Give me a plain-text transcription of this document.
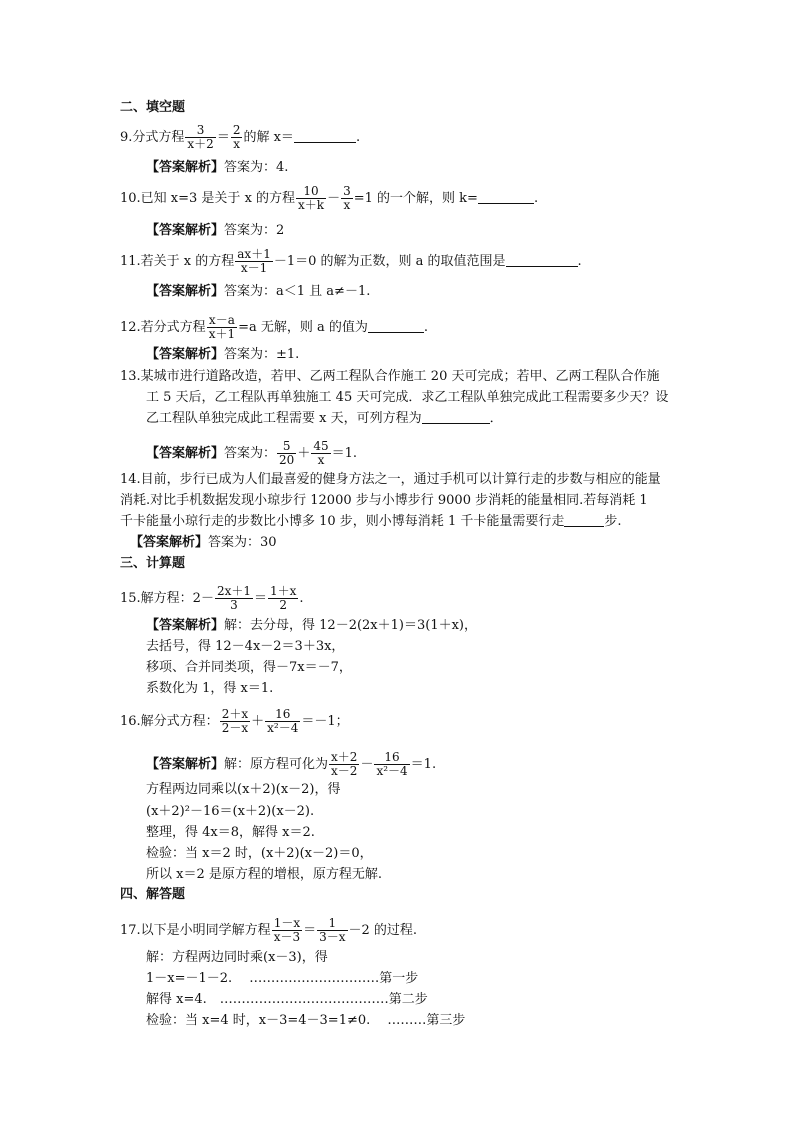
二、填空题
9.分式方程 $\frac{3}{x+2} = \frac{2}{x}$ 的解 x＝	.
【答案解析】答案为：4.
10.已知 x=3 是关于 x 的方程 $\frac{10}{x+k} - \frac{3}{x} =1$ 的一个解，则 k=	.
【答案解析】答案为：2
11.若关于 x 的方程 $\frac{ax+1}{x-1} -1=0$ 的解为正数，则 a 的取值范围是	.
【答案解析】答案为：a＜1 且 a≠－1.
12.若分式方程 $\frac{x-a}{x+1} =a$ 无解，则 a 的值为	.
【答案解析】答案为：±1.
13.某城市进行道路改造，若甲、乙两工程队合作施工 20 天可完成；若甲、乙两工程队合作施
工 5 天后，乙工程队再单独施工 45 天可完成．求乙工程队单独完成此工程需要多少天？设
乙工程队单独完成此工程需要 x 天，可列方程为	．
【答案解析】答案为： $\frac{5}{20} + \frac{45}{x} =1$.
14.目前，步行已成为人们最喜爱的健身方法之一，通过手机可以计算行走的步数与相应的能量
消耗.对比手机数据发现小琼步行 12000 步与小博步行 9000 步消耗的能量相同.若每消耗 1
千卡能量小琼行走的步数比小博多 10 步，则小博每消耗 1 千卡能量需要行走	步.
【答案解析】答案为：30
三、计算题
15.解方程：$2- \frac{2x+1}{3} = \frac{1+x}{2}$ .
【答案解析】解：去分母，得 12－2(2x＋1)＝3(1＋x)，
去括号，得 12－4x－2＝3＋3x，
移项、合并同类项，得－7x＝－7，
系数化为 1，得 x＝1.
16.解分式方程： $\frac{2+x}{2-x} + \frac{16}{\text{x²－4}} =-1$；
【答案解析】解：原方程可化为 $\frac{x+2}{x-2} - \frac{16}{\text{x²－4}} =1$.
方程两边同乘以(x＋2)(x－2)，得
(x＋2)²－16＝(x＋2)(x－2).
整理，得 4x＝8，解得 x＝2.
检验：当 x＝2 时，(x＋2)(x－2)＝0，
所以 x＝2 是原方程的增根，原方程无解.
四、解答题
17.以下是小明同学解方程 $\frac{1-x}{x-3} = \frac{1}{3-x} -2$ 的过程.
解：方程两边同时乘(x－3)，得
1－x=－1－2.　 …………………………第一步
解得 x=4.　…………………………………第二步
检验：当 x=4 时，x－3=4－3=1≠0.　 ………第三步
